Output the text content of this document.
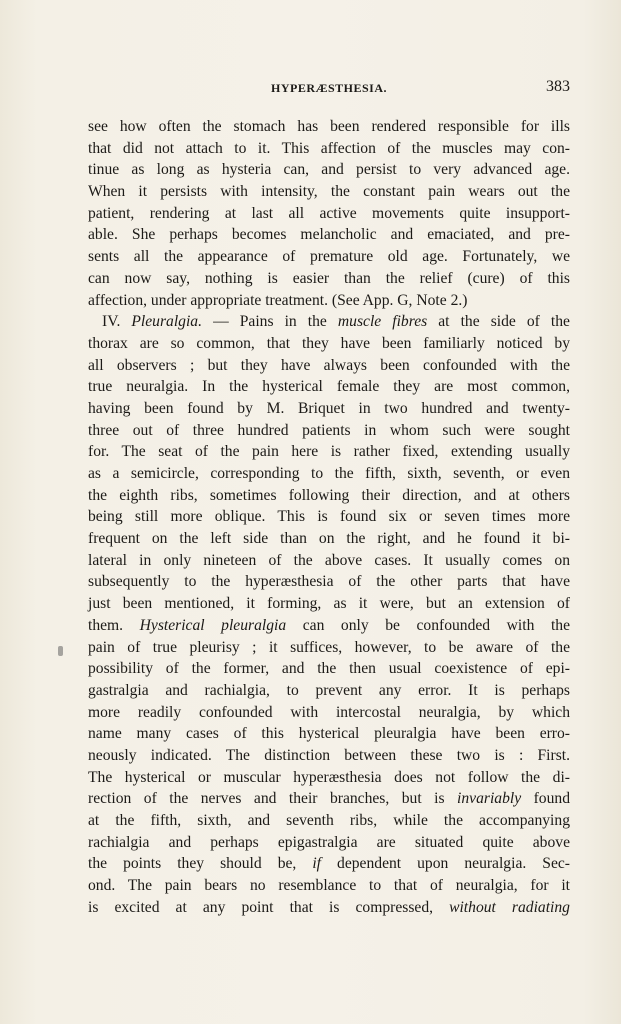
HYPERÆSTHESIA.	383
see how often the stomach has been rendered responsible for ills
that did not attach to it. This affection of the muscles may con-
tinue as long as hysteria can, and persist to very advanced age.
When it persists with intensity, the constant pain wears out the
patient, rendering at last all active movements quite insupport-
able. She perhaps becomes melancholic and emaciated, and pre-
sents all the appearance of premature old age. Fortunately, we
can now say, nothing is easier than the relief (cure) of this
affection, under appropriate treatment. (See App. G, Note 2.)
IV. Pleuralgia. — Pains in the muscle fibres at the side of the
thorax are so common, that they have been familiarly noticed by
all observers ; but they have always been confounded with the
true neuralgia. In the hysterical female they are most common,
having been found by M. Briquet in two hundred and twenty-
three out of three hundred patients in whom such were sought
for. The seat of the pain here is rather fixed, extending usually
as a semicircle, corresponding to the fifth, sixth, seventh, or even
the eighth ribs, sometimes following their direction, and at others
being still more oblique. This is found six or seven times more
frequent on the left side than on the right, and he found it bi-
lateral in only nineteen of the above cases. It usually comes on
subsequently to the hyperæsthesia of the other parts that have
just been mentioned, it forming, as it were, but an extension of
them. Hysterical pleuralgia can only be confounded with the
pain of true pleurisy ; it suffices, however, to be aware of the
possibility of the former, and the then usual coexistence of epi-
gastralgia and rachialgia, to prevent any error. It is perhaps
more readily confounded with intercostal neuralgia, by which
name many cases of this hysterical pleuralgia have been erro-
neously indicated. The distinction between these two is : First.
The hysterical or muscular hyperæsthesia does not follow the di-
rection of the nerves and their branches, but is invariably found
at the fifth, sixth, and seventh ribs, while the accompanying
rachialgia and perhaps epigastralgia are situated quite above
the points they should be, if dependent upon neuralgia. Sec-
ond. The pain bears no resemblance to that of neuralgia, for it
is excited at any point that is compressed, without radiating
